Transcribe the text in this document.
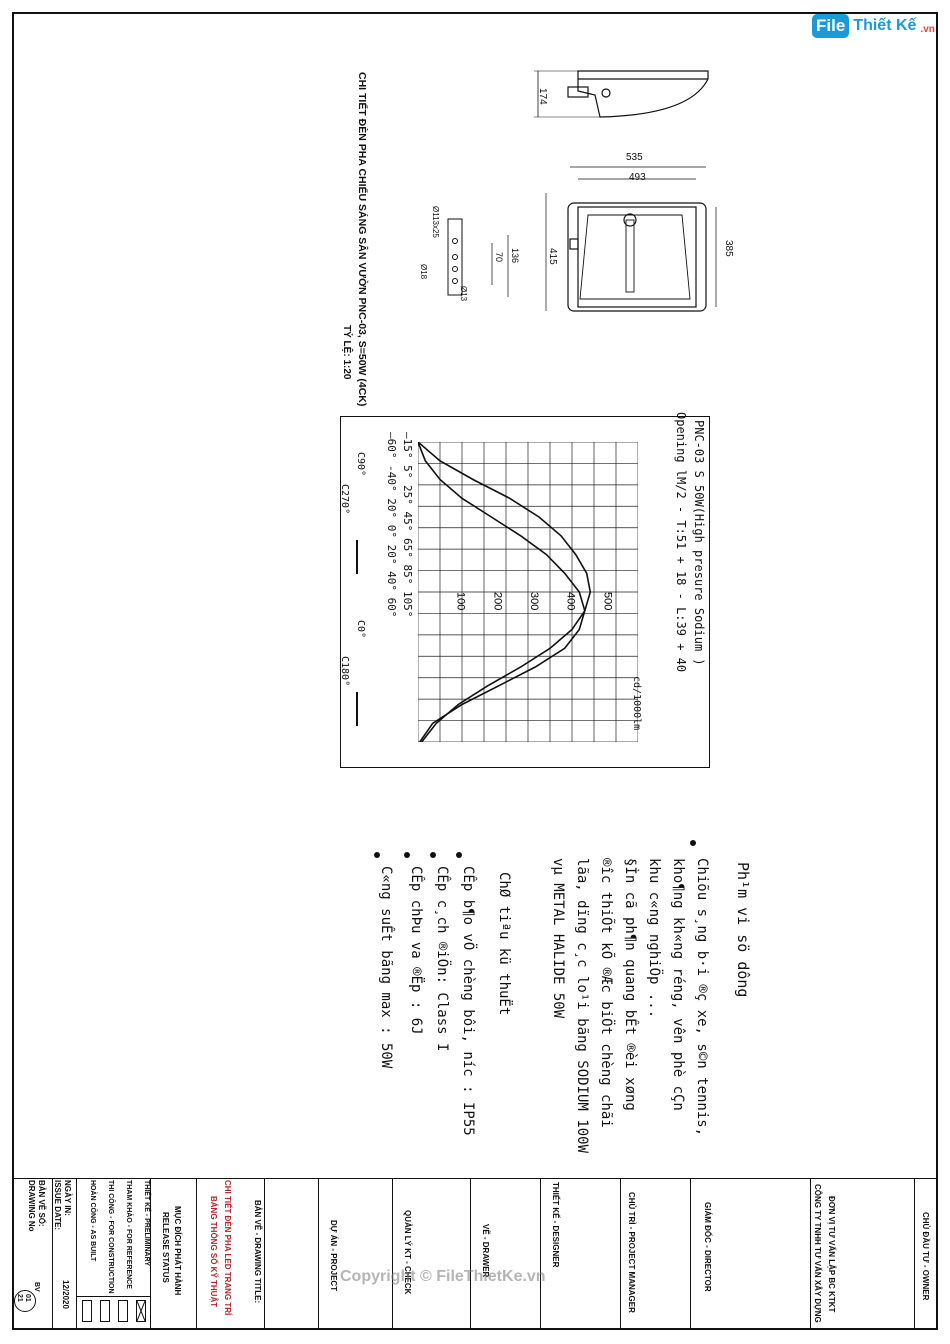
File Thiết Kế .vn
CHI TIẾT ĐÈN PHA CHIẾU SÁNG SÂN VƯỜN PNC-03, S=50W (4CK)
TỶ LỆ: 1:20
174
535
493
415	385
136
70
Ø113x25
Ø18
Ø13
100 200 300 400 500	PNC-03 S 50W(High presure Sodium )
Opening lM/2 - T:51 + 18 - L:39 + 40
cd/1000lm
—15° 5° 25° 45° 65° 85° 105°
—60° -40° 20° 0° 20° 40° 60°
C90°
C270°
C0°
C180°
Ph¹m vi sö dông
Chiõu s¸ng b·i ®ç xe, s©n tennis,
kho¶ng kh«ng réng, vên phè cÇn
khu c«ng nghiÖp ...
§Ìn cã ph¶n quang bÊt ®èi xøng
®îc thiÕt kÕ ®Æc biÖt chèng chãi
lãa, dïng c¸c lo¹i bãng SODIUM 100W
vµ METAL HALIDE 50W
ChØ tiªu kü thuËt
CÊp b¶o vÖ chèng bôi, níc : IP55
CÊp c¸ch ®iÖn: Class I
CÊp chÞu va ®Ëp : 6J
C«ng suÊt bãng max : 50W
CHỦ ĐẦU TƯ - OWNER
ĐƠN VỊ TƯ VẤN LẬP BC KTKT
CÔNG TY TNHH TƯ VẤN XÂY DỰNG
GIÁM ĐỐC - DIRECTOR
CHỦ TRÌ - PROJECT MANAGER
THIẾT KẾ - DESIGNER
VẼ - DRAWER
QUẢN LÝ KT - CHECK
DỰ ÁN - PROJECT
BẢN VẼ - DRAWING TITLE:
CHI TIẾT ĐÈN PHA LED TRANG TRÍ
BẢNG THÔNG SỐ KỸ THUẬT
MỤC ĐÍCH PHÁT HÀNH
RELEASE STATUS
THIẾT KẾ - PRELIMINARY
THAM KHẢO - FOR REFERENCE
THI CÔNG - FOR CONSTRUCTION
HOÀN CÔNG - AS BUILT
NGÀY IN:
ISSUE DATE:
12/2020
BẢN VẼ SỐ:
DRAWING No
BV
01
21
Copyright © FileThietKe.vn
